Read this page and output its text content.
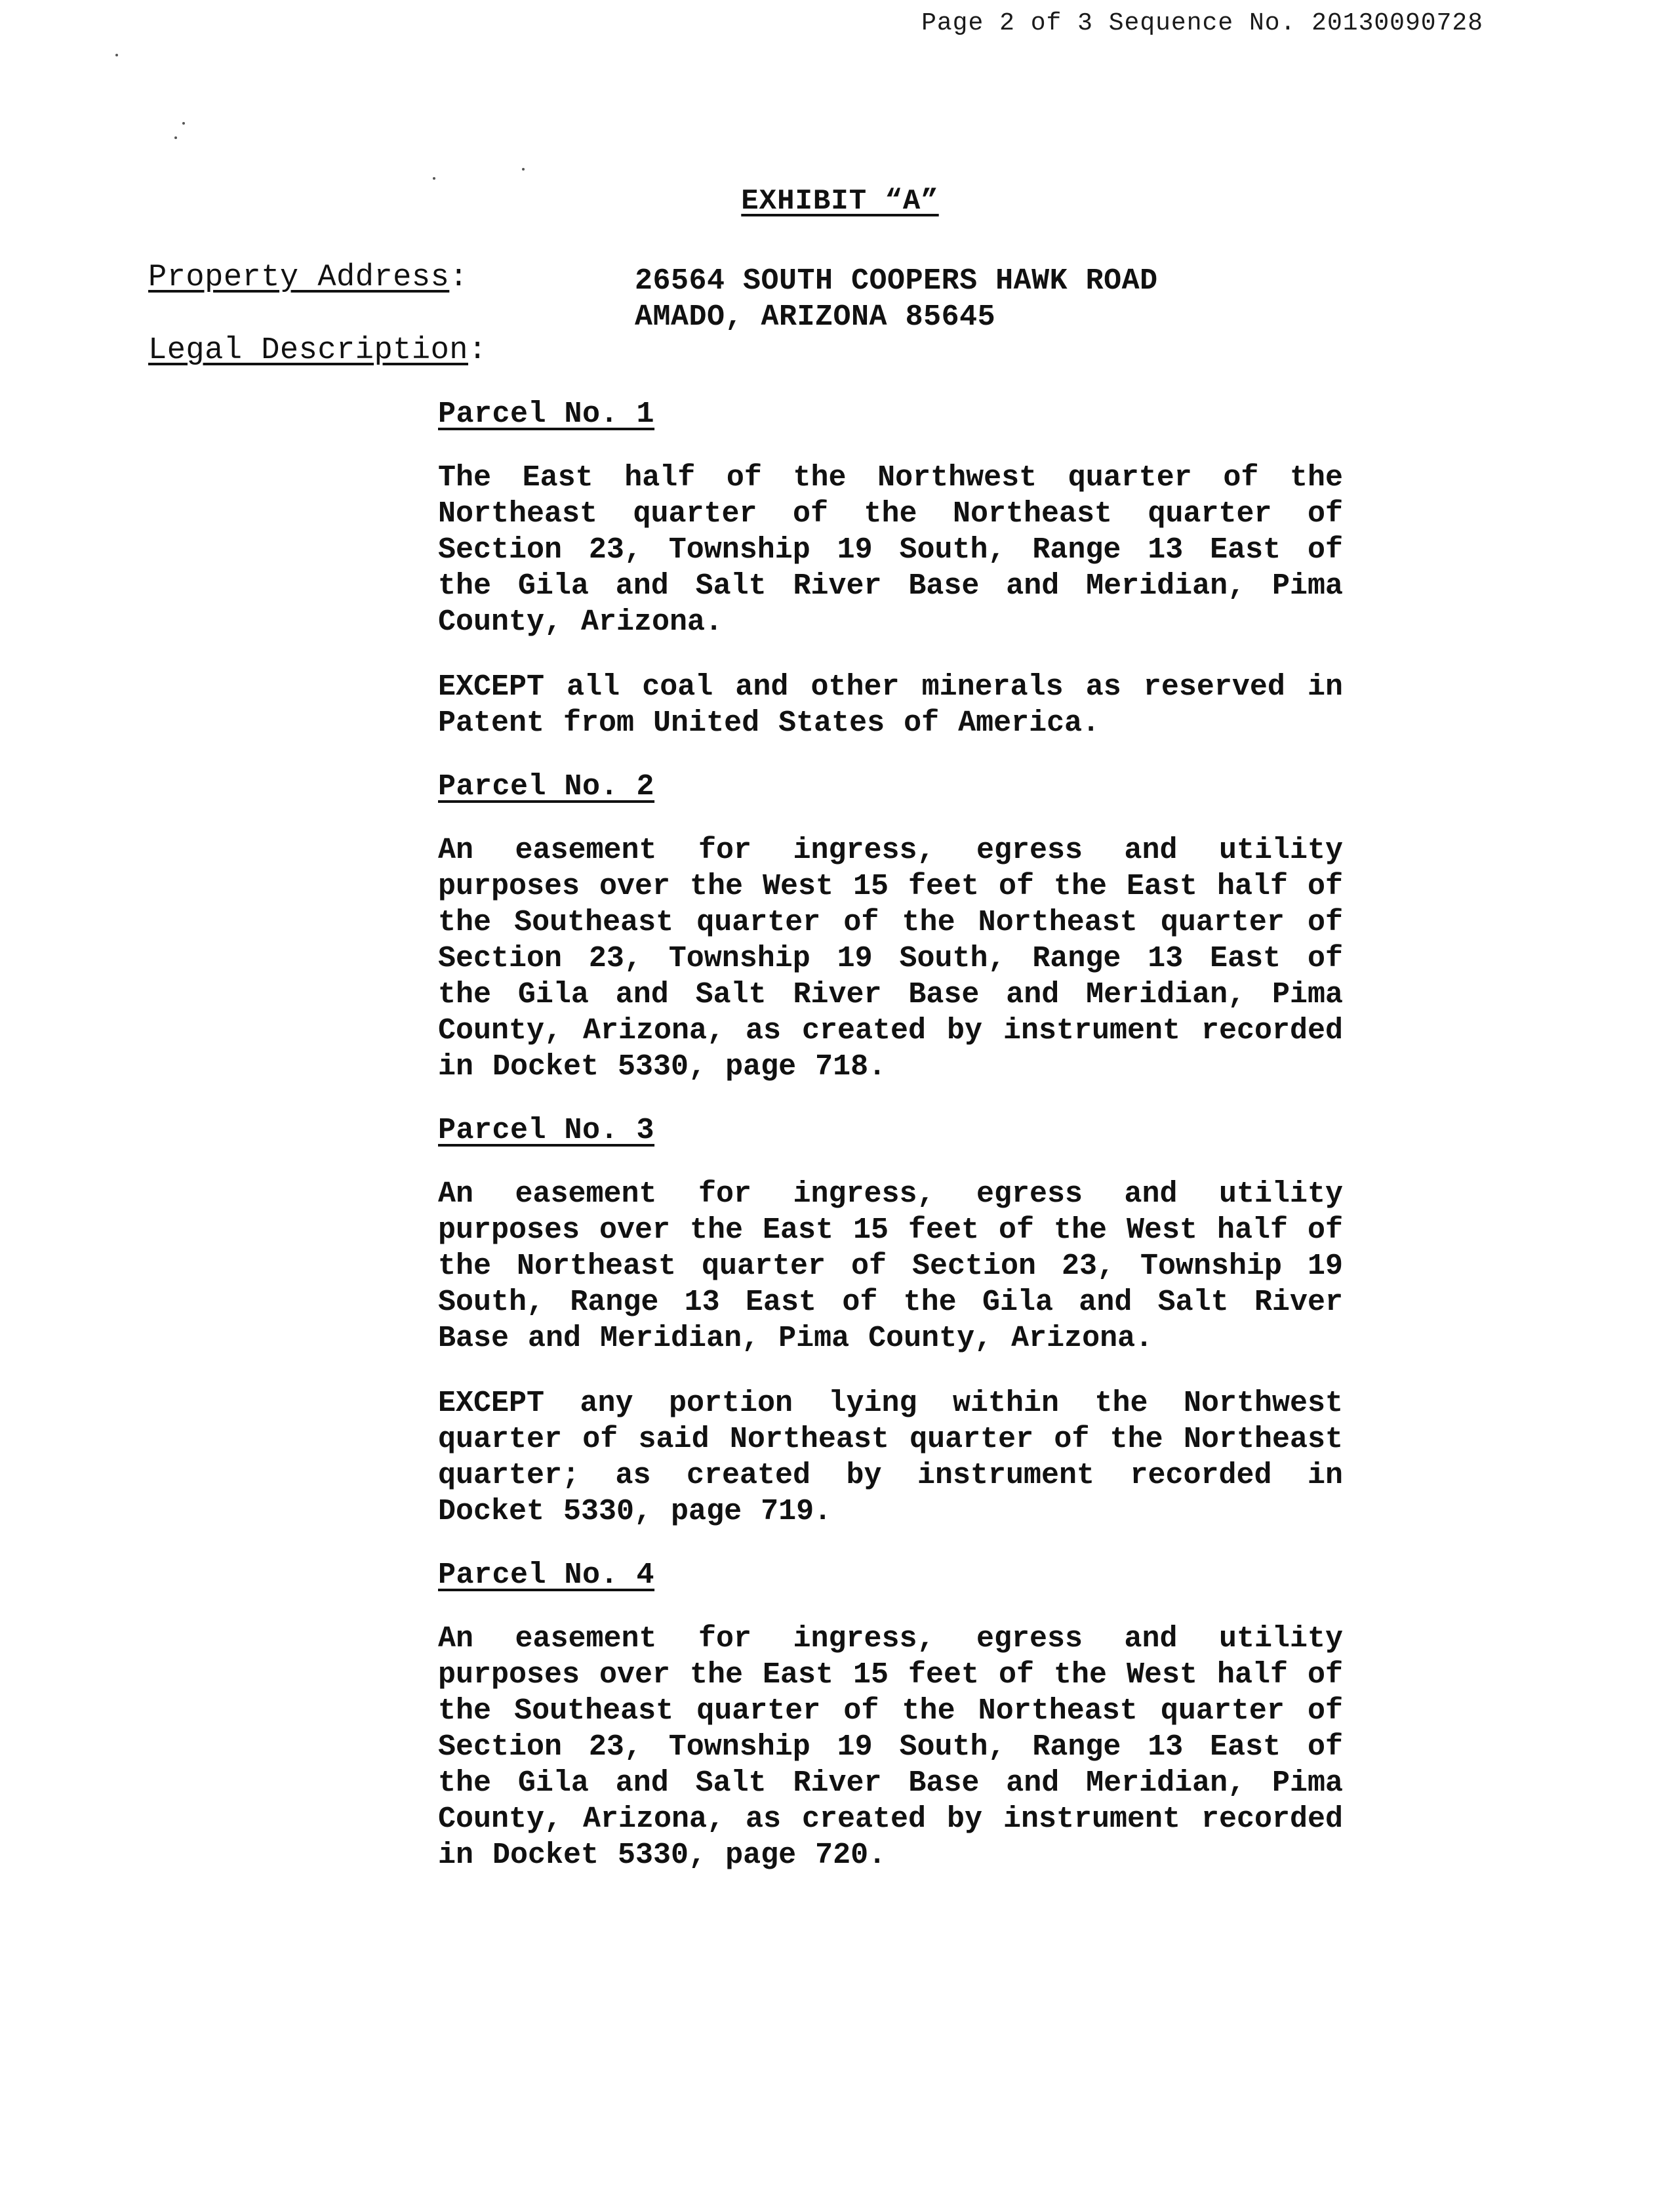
Page 2 of 3 Sequence No. 20130090728
EXHIBIT “A”
Property Address:
Legal Description:
26564 SOUTH COOPERS HAWK ROAD
AMADO, ARIZONA 85645
Parcel No. 1
The East half of the Northwest quarter of the Northeast quarter of the Northeast quarter of Section 23, Township 19 South, Range 13 East of the Gila and Salt River Base and Meridian, Pima County, Arizona.
EXCEPT all coal and other minerals as reserved in Patent from United States of America.
Parcel No. 2
An easement for ingress, egress and utility purposes over the West 15 feet of the East half of the Southeast quarter of the Northeast quarter of Section 23, Township 19 South, Range 13 East of the Gila and Salt River Base and Meridian, Pima County, Arizona, as created by instrument recorded in Docket 5330, page 718.
Parcel No. 3
An easement for ingress, egress and utility purposes over the East 15 feet of the West half of the Northeast quarter of Section 23, Township 19 South, Range 13 East of the Gila and Salt River Base and Meridian, Pima County, Arizona.
EXCEPT any portion lying within the Northwest quarter of said Northeast quarter of the Northeast quarter; as created by instrument recorded in Docket 5330, page 719.
Parcel No. 4
An easement for ingress, egress and utility purposes over the East 15 feet of the West half of the Southeast quarter of the Northeast quarter of Section 23, Township 19 South, Range 13 East of the Gila and Salt River Base and Meridian, Pima County, Arizona, as created by instrument recorded in Docket 5330, page 720.
